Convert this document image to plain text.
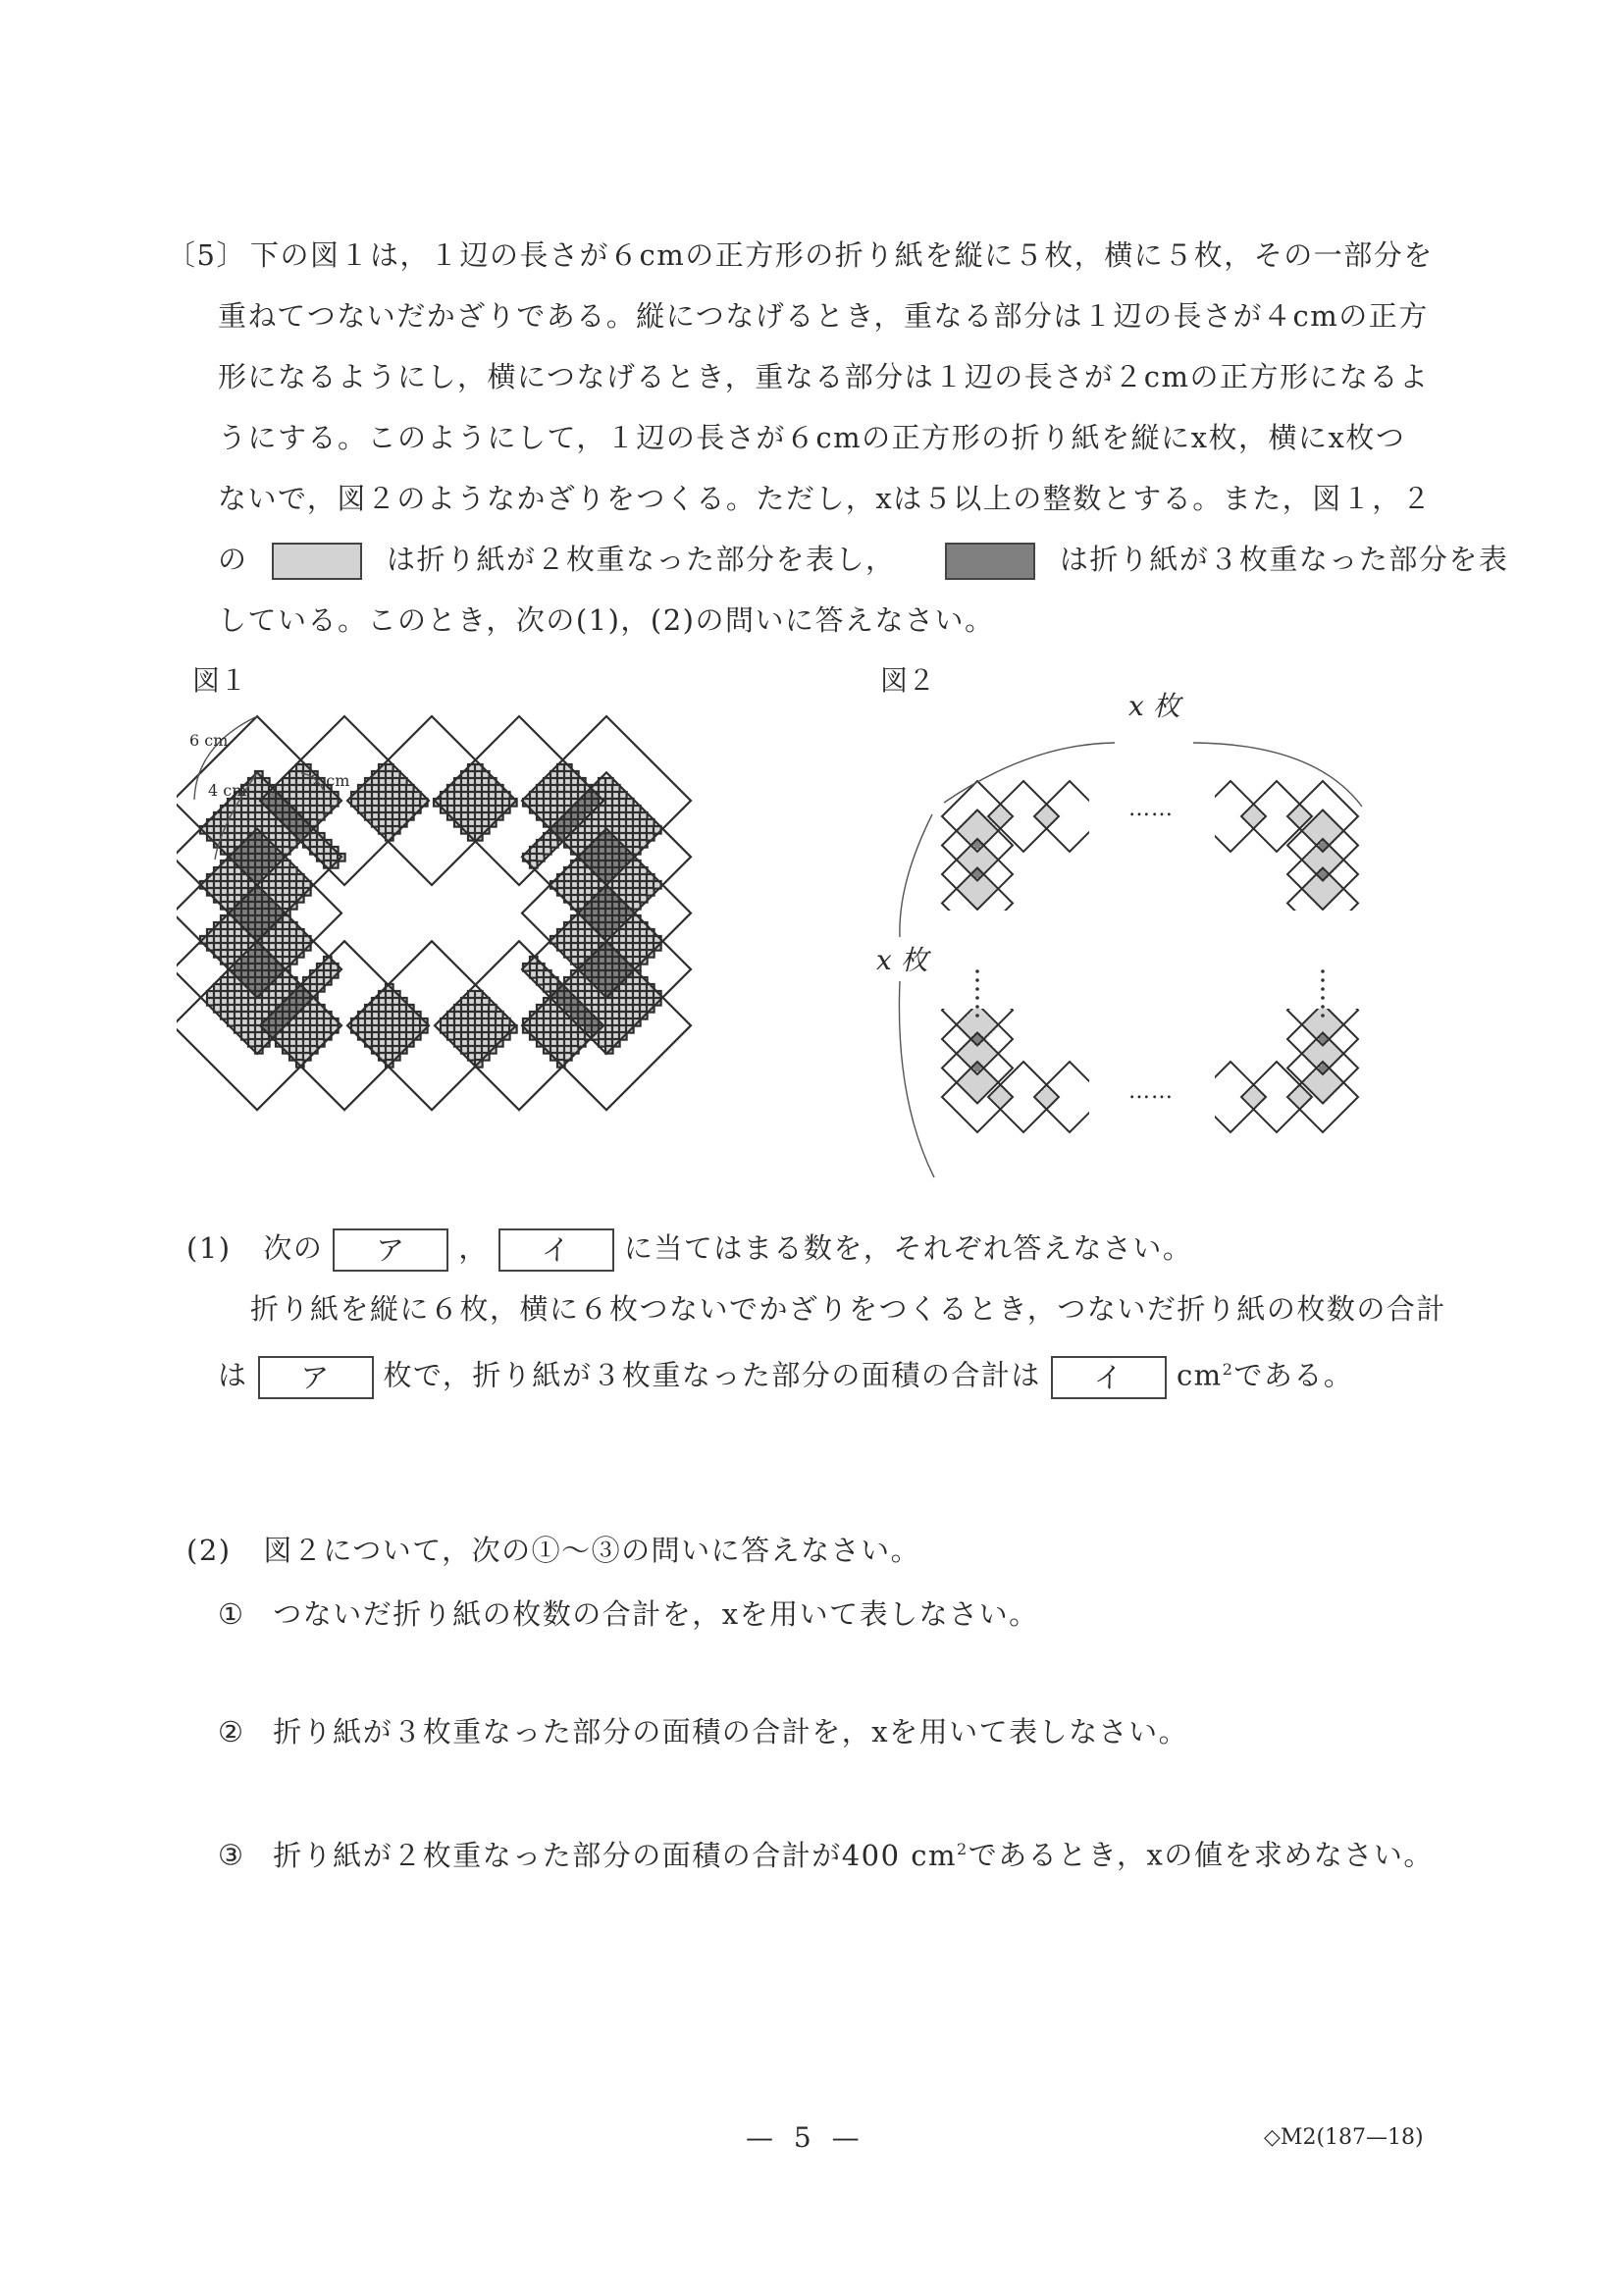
〔5〕 下の図１は，１辺の長さが６cmの正方形の折り紙を縦に５枚，横に５枚，その一部分を
重ねてつないだかざりである。縦につなげるとき，重なる部分は１辺の長さが４cmの正方
形になるようにし，横につなげるとき，重なる部分は１辺の長さが２cmの正方形になるよ
うにする。このようにして，１辺の長さが６cmの正方形の折り紙を縦にx枚，横にx枚つ
ないで，図２のようなかざりをつくる。ただし，xは５以上の整数とする。また，図１，２
の	は折り紙が２枚重なった部分を表し，	は折り紙が３枚重なった部分を表
している。このとき，次の(1)，(2)の問いに答えなさい。
図１
6 cm
4 cm
2 cm
図２
x 枚
x 枚
……
……
(1) 次の ア ， イ に当てはまる数を，それぞれ答えなさい。
折り紙を縦に６枚，横に６枚つないでかざりをつくるとき，つないだ折り紙の枚数の合計
は ア 枚で，折り紙が３枚重なった部分の面積の合計は イ $cm^2$である。
(2) 図２について，次の①～③の問いに答えなさい。
① つないだ折り紙の枚数の合計を，xを用いて表しなさい。
② 折り紙が３枚重なった部分の面積の合計を，xを用いて表しなさい。
③ 折り紙が２枚重なった部分の面積の合計が400 $cm^2$であるとき，xの値を求めなさい。
— 5 —	◇M2(187—18)
